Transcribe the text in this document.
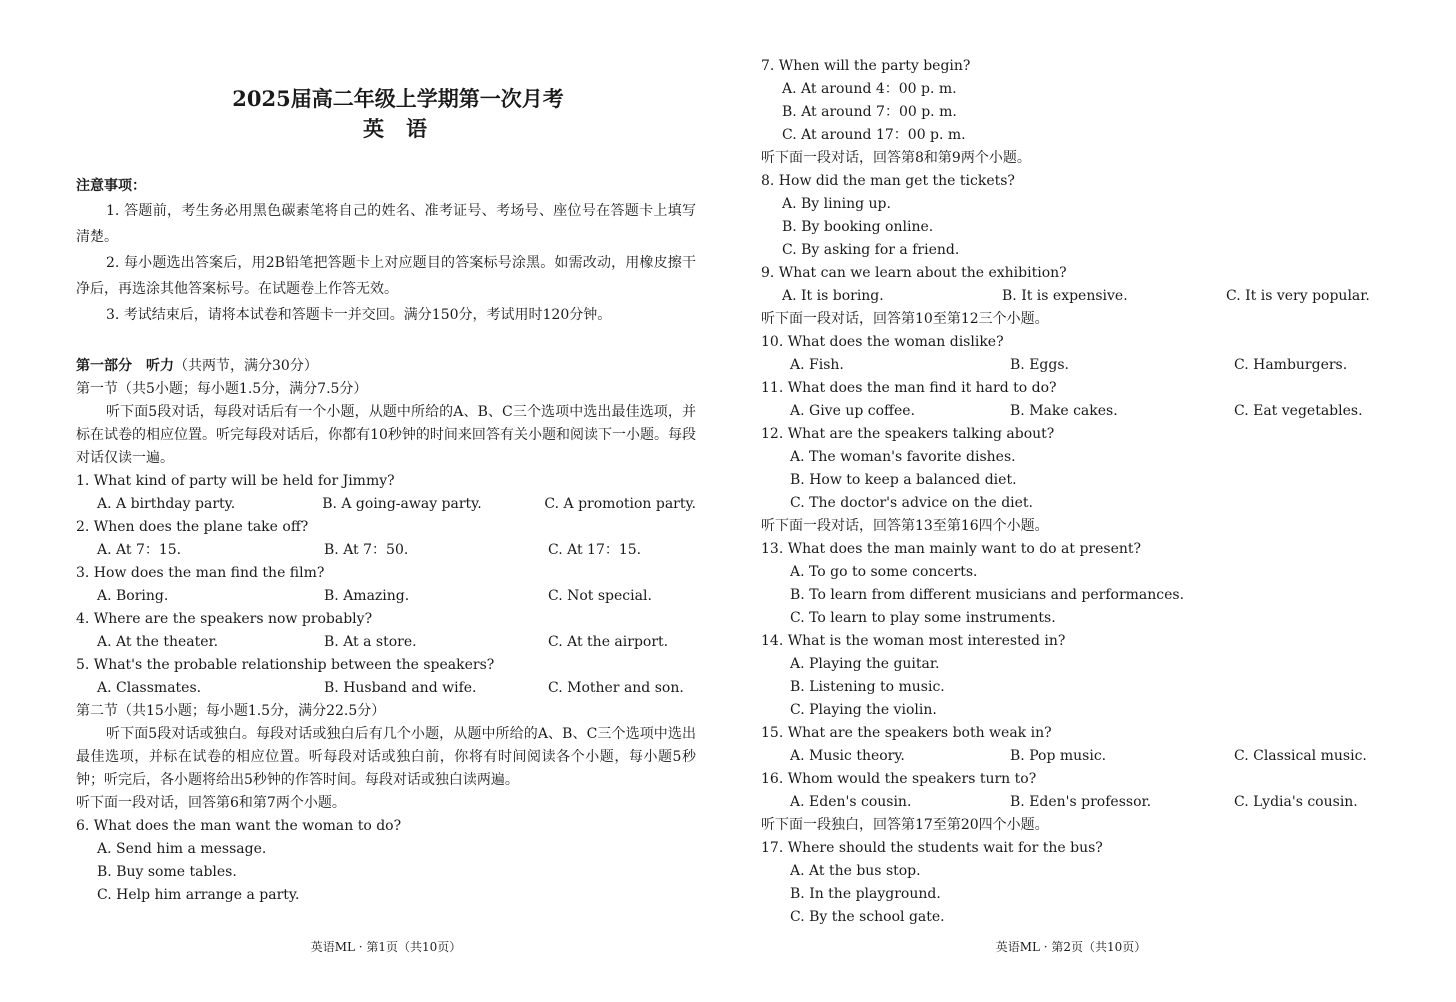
2025届高二年级上学期第一次月考
英语
注意事项：

1. 答题前，考生务必用黑色碳素笔将自己的姓名、准考证号、考场号、座位号在答题卡上填写清楚。

2. 每小题选出答案后，用2B铅笔把答题卡上对应题目的答案标号涂黑。如需改动，用橡皮擦干净后，再选涂其他答案标号。在试题卷上作答无效。

3. 考试结束后，请将本试卷和答题卡一并交回。满分150分，考试用时120分钟。

第一部分　听力（共两节，满分30分）
第一节（共5小题；每小题1.5分，满分7.5分）

听下面5段对话，每段对话后有一个小题，从题中所给的A、B、C三个选项中选出最佳选项，并标在试卷的相应位置。听完每段对话后，你都有10秒钟的时间来回答有关小题和阅读下一小题。每段对话仅读一遍。

1. What kind of party will be held for Jimmy?
A. A birthday party.	B. A going-away party.	C. A promotion party.
2. When does the plane take off?
A. At 7：15.	B. At 7：50.	C. At 17：15.
3. How does the man find the film?
A. Boring.	B. Amazing.	C. Not special.
4. Where are the speakers now probably?
A. At the theater.	B. At a store.	C. At the airport.
5. What's the probable relationship between the speakers?
A. Classmates.	B. Husband and wife.	C. Mother and son.
第二节（共15小题；每小题1.5分，满分22.5分）

听下面5段对话或独白。每段对话或独白后有几个小题，从题中所给的A、B、C三个选项中选出最佳选项，并标在试卷的相应位置。听每段对话或独白前，你将有时间阅读各个小题，每小题5秒钟；听完后，各小题将给出5秒钟的作答时间。每段对话或独白读两遍。

听下面一段对话，回答第6和第7两个小题。
6. What does the man want the woman to do?
A. Send him a message.
B. Buy some tables.
C. Help him arrange a party.
英语ML · 第1页（共10页）
7. When will the party begin?
A. At around 4：00 p. m.
B. At around 7：00 p. m.
C. At around 17：00 p. m.
听下面一段对话，回答第8和第9两个小题。
8. How did the man get the tickets?
A. By lining up.
B. By booking online.
C. By asking for a friend.
9. What can we learn about the exhibition?
A. It is boring.	B. It is expensive.	C. It is very popular.
听下面一段对话，回答第10至第12三个小题。
10. What does the woman dislike?
A. Fish.	B. Eggs.	C. Hamburgers.
11. What does the man find it hard to do?
A. Give up coffee.	B. Make cakes.	C. Eat vegetables.
12. What are the speakers talking about?
A. The woman's favorite dishes.
B. How to keep a balanced diet.
C. The doctor's advice on the diet.
听下面一段对话，回答第13至第16四个小题。
13. What does the man mainly want to do at present?
A. To go to some concerts.
B. To learn from different musicians and performances.
C. To learn to play some instruments.
14. What is the woman most interested in?
A. Playing the guitar.
B. Listening to music.
C. Playing the violin.
15. What are the speakers both weak in?
A. Music theory.	B. Pop music.	C. Classical music.
16. Whom would the speakers turn to?
A. Eden's cousin.	B. Eden's professor.	C. Lydia's cousin.
听下面一段独白，回答第17至第20四个小题。
17. Where should the students wait for the bus?
A. At the bus stop.
B. In the playground.
C. By the school gate.
英语ML · 第2页（共10页）
